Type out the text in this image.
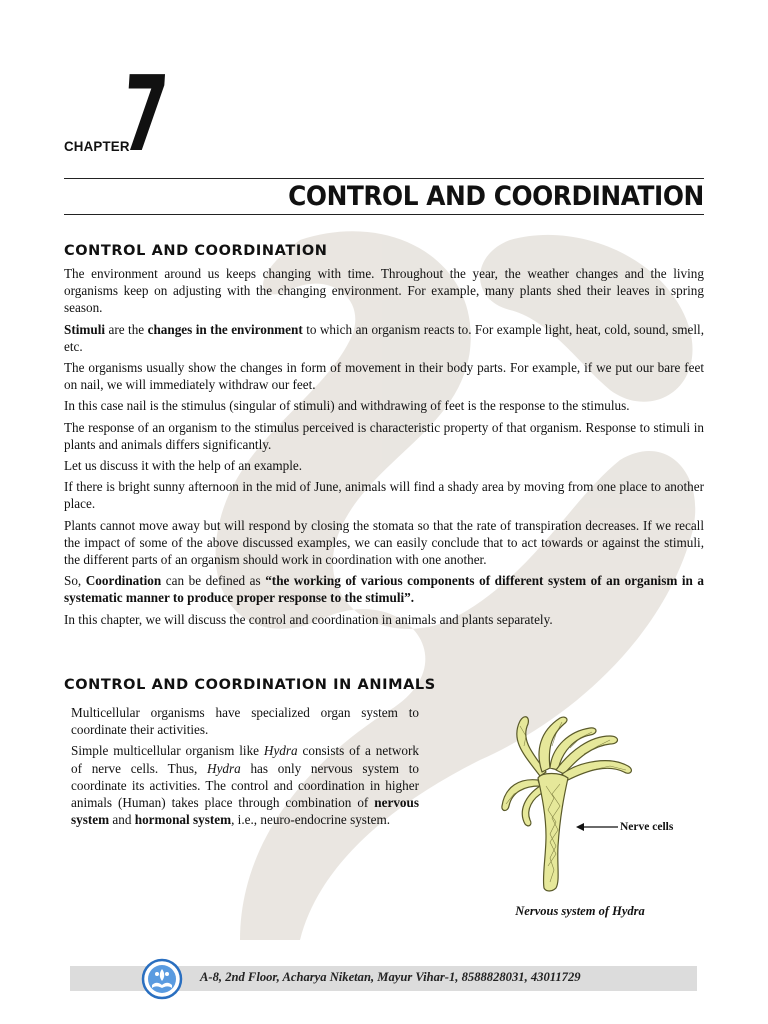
CHAPTER
7
CONTROL AND COORDINATION
CONTROL AND COORDINATION

The environment around us keeps changing with time. Throughout the year, the weather changes and the living organisms keep on adjusting with the changing environment. For example, many plants shed their leaves in spring season.

Stimuli are the changes in the environment to which an organism reacts to. For example light, heat, cold, sound, smell, etc.

The organisms usually show the changes in form of movement in their body parts. For example, if we put our bare feet on nail, we will immediately withdraw our feet.

In this case nail is the stimulus (singular of stimuli) and withdrawing of feet is the response to the stimulus.

The response of an organism to the stimulus perceived is characteristic property of that organism. Response to stimuli in plants and animals differs significantly.

Let us discuss it with the help of an example.

If there is bright sunny afternoon in the mid of June, animals will find a shady area by moving from one place to another place.

Plants cannot move away but will respond by closing the stomata so that the rate of transpiration decreases. If we recall the impact of some of the above discussed examples, we can easily conclude that to act towards or against the stimuli, the different parts of an organism should work in coordination with one another.

So, Coordination can be defined as “the working of various components of different system of an organism in a systematic manner to produce proper response to the stimuli”.

In this chapter, we will discuss the control and coordination in animals and plants separately.

CONTROL AND COORDINATION IN ANIMALS

Multicellular organisms have specialized organ system to coordinate their activities.

Simple multicellular organism like Hydra consists of a network of nerve cells. Thus, Hydra has only nervous system to coordinate its activities. The control and coordination in higher animals (Human) takes place through combination of nervous system and hormonal system, i.e., neuro-endocrine system.	Nerve cells
Nervous system of Hydra
A-8, 2nd Floor, Acharya Niketan, Mayur Vihar-1, 8588828031, 43011729
